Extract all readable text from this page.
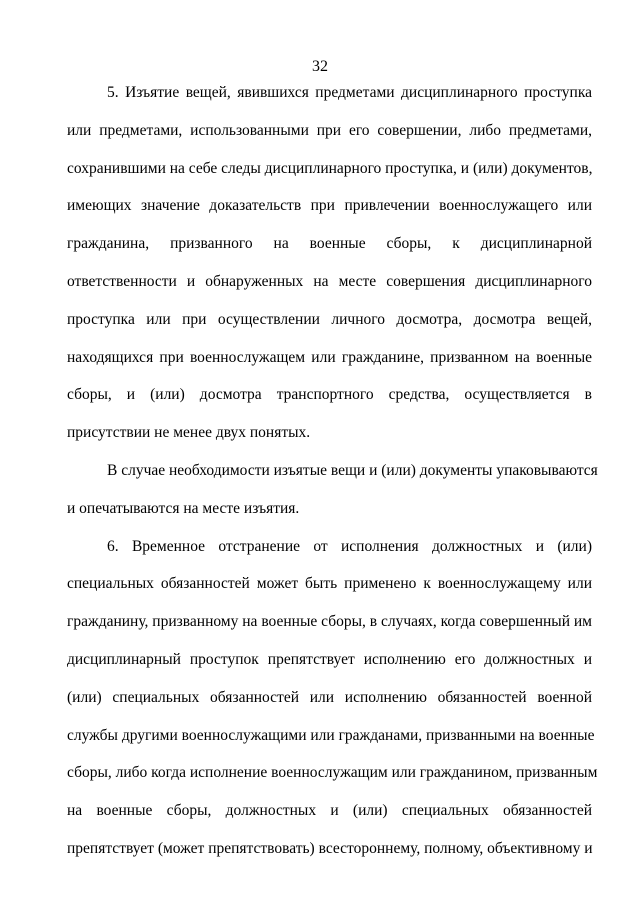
32
5. Изъятие вещей, явившихся предметами дисциплинарного проступка
или предметами, использованными при его совершении, либо предметами,
сохранившими на себе следы дисциплинарного проступка, и (или) документов,
имеющих значение доказательств при привлечении военнослужащего или
гражданина, призванного на военные сборы, к дисциплинарной
ответственности и обнаруженных на месте совершения дисциплинарного
проступка или при осуществлении личного досмотра, досмотра вещей,
находящихся при военнослужащем или гражданине, призванном на военные
сборы, и (или) досмотра транспортного средства, осуществляется в
присутствии не менее двух понятых.
В случае необходимости изъятые вещи и (или) документы упаковываются
и опечатываются на месте изъятия.
6. Временное отстранение от исполнения должностных и (или)
специальных обязанностей может быть применено к военнослужащему или
гражданину, призванному на военные сборы, в случаях, когда совершенный им
дисциплинарный проступок препятствует исполнению его должностных и
(или) специальных обязанностей или исполнению обязанностей военной
службы другими военнослужащими или гражданами, призванными на военные
сборы, либо когда исполнение военнослужащим или гражданином, призванным
на военные сборы, должностных и (или) специальных обязанностей
препятствует (может препятствовать) всестороннему, полному, объективному и
